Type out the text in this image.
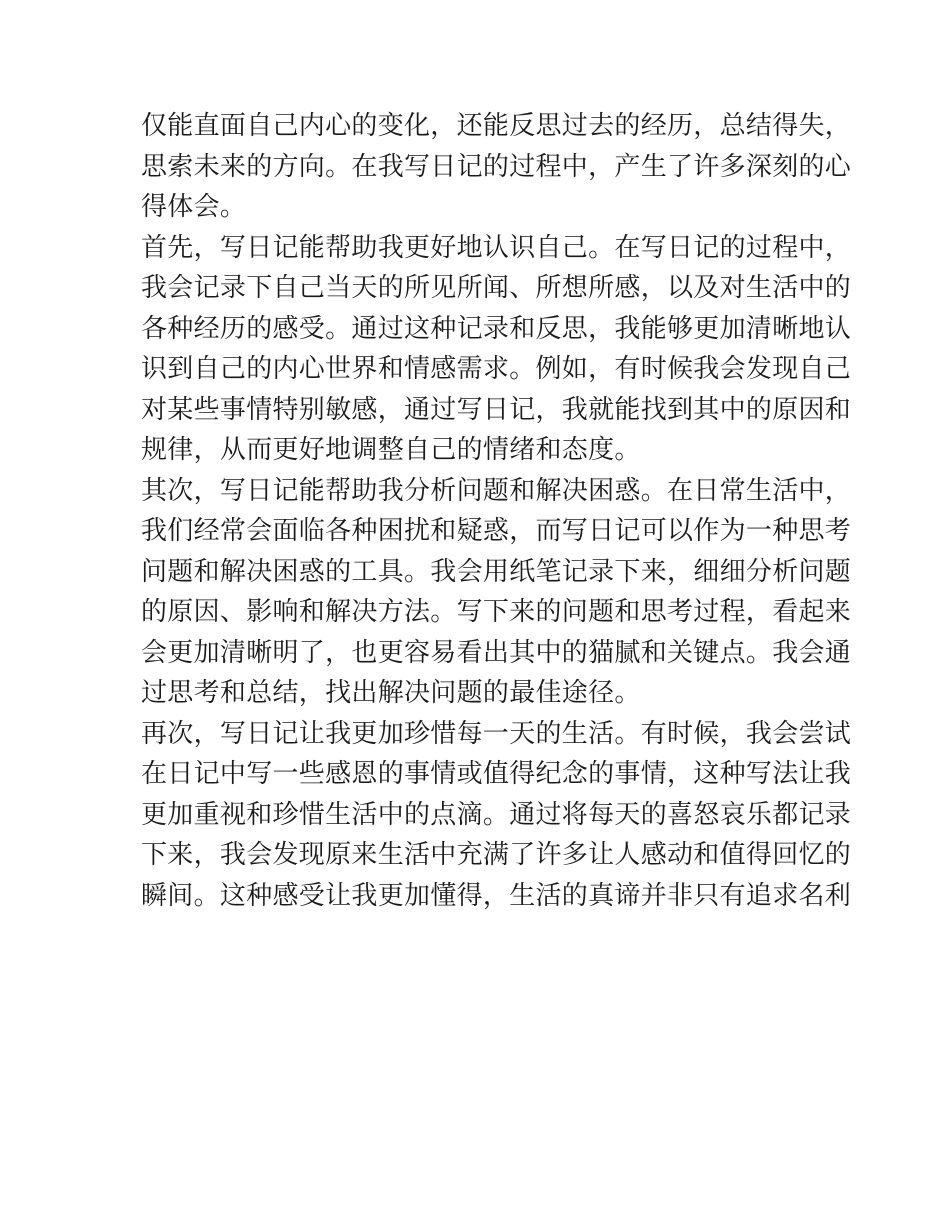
仅能直面自己内心的变化，还能反思过去的经历，总结得失，
思索未来的方向。在我写日记的过程中，产生了许多深刻的心
得体会。
首先，写日记能帮助我更好地认识自己。在写日记的过程中，
我会记录下自己当天的所见所闻、所想所感，以及对生活中的
各种经历的感受。通过这种记录和反思，我能够更加清晰地认
识到自己的内心世界和情感需求。例如，有时候我会发现自己
对某些事情特别敏感，通过写日记，我就能找到其中的原因和
规律，从而更好地调整自己的情绪和态度。
其次，写日记能帮助我分析问题和解决困惑。在日常生活中，
我们经常会面临各种困扰和疑惑，而写日记可以作为一种思考
问题和解决困惑的工具。我会用纸笔记录下来，细细分析问题
的原因、影响和解决方法。写下来的问题和思考过程，看起来
会更加清晰明了，也更容易看出其中的猫腻和关键点。我会通
过思考和总结，找出解决问题的最佳途径。
再次，写日记让我更加珍惜每一天的生活。有时候，我会尝试
在日记中写一些感恩的事情或值得纪念的事情，这种写法让我
更加重视和珍惜生活中的点滴。通过将每天的喜怒哀乐都记录
下来，我会发现原来生活中充满了许多让人感动和值得回忆的
瞬间。这种感受让我更加懂得，生活的真谛并非只有追求名利
